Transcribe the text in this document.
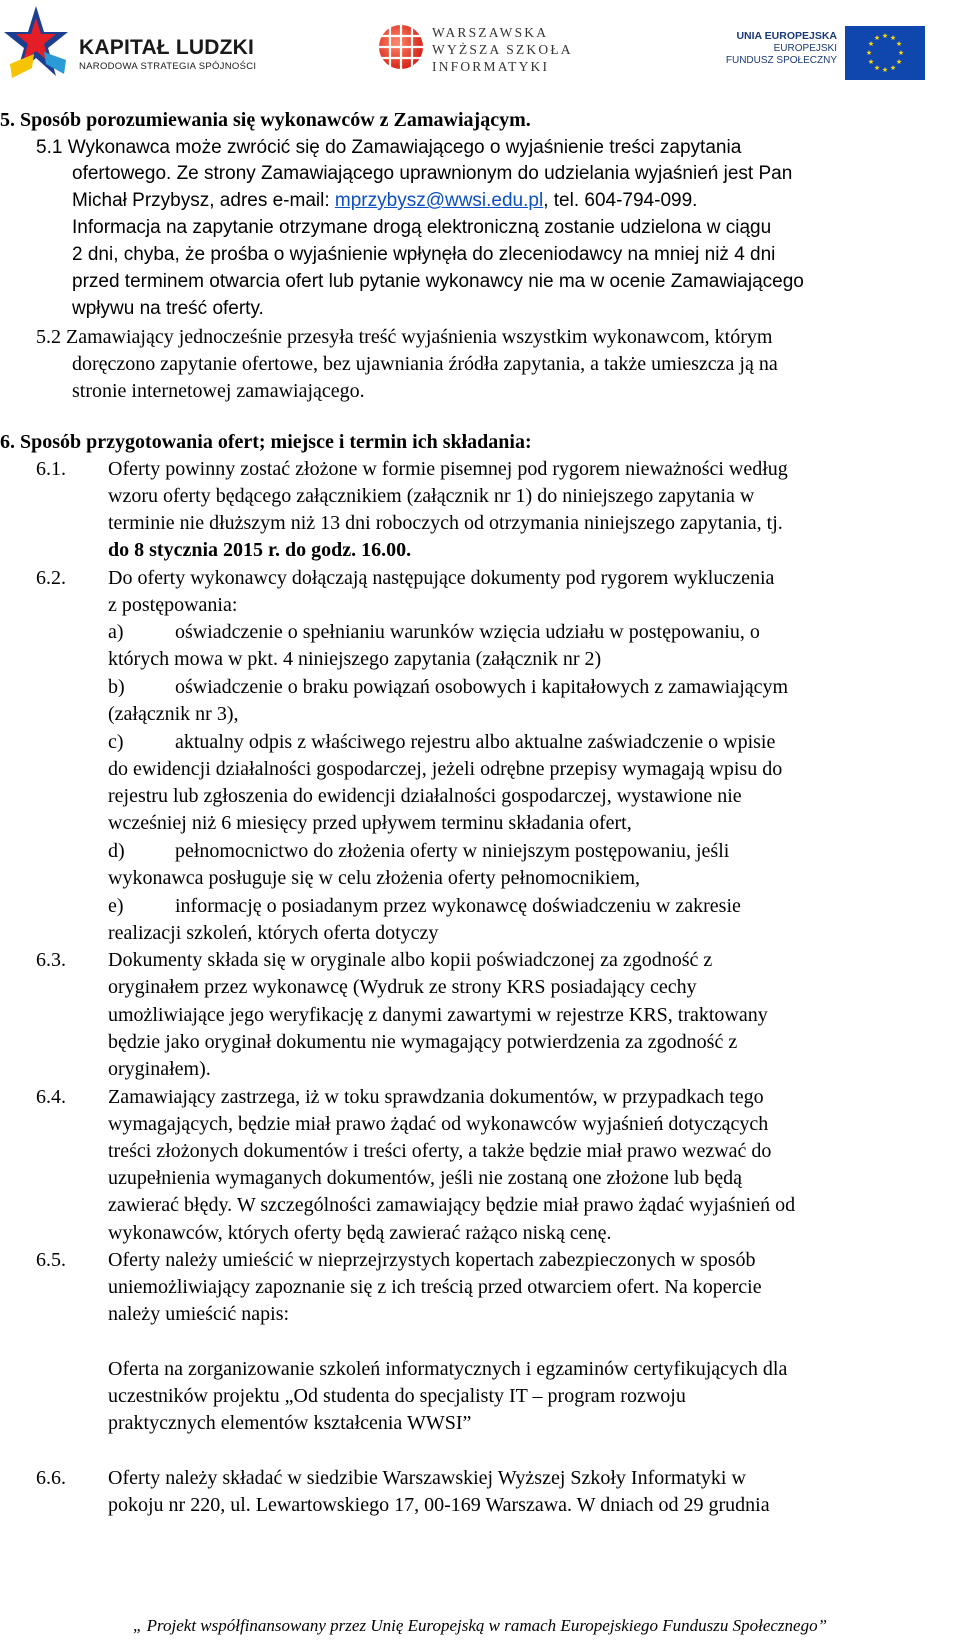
KAPITAŁ LUDZKI
NARODOWA STRATEGIA SPÓJNOŚCI
WARSZAWSKA
WYŻSZA SZKOŁA
INFORMATYKI
UNIA EUROPEJSKA
EUROPEJSKI
FUNDUSZ SPOŁECZNY
★ ★
★
★
★
★
★
★
★
★
★
★
5. Sposób porozumiewania się wykonawców z Zamawiającym.
5.1 Wykonawca może zwrócić się do Zamawiającego o wyjaśnienie treści zapytania
ofertowego. Ze strony Zamawiającego uprawnionym do udzielania wyjaśnień jest Pan
Michał Przybysz, adres e-mail: mprzybysz@wwsi.edu.pl, tel. 604-794-099.
Informacja na zapytanie otrzymane drogą elektroniczną zostanie udzielona w ciągu
2 dni, chyba, że prośba o wyjaśnienie wpłynęła do zleceniodawcy na mniej niż 4 dni
przed terminem otwarcia ofert lub pytanie wykonawcy nie ma w ocenie Zamawiającego
wpływu na treść oferty.
5.2 Zamawiający jednocześnie przesyła treść wyjaśnienia wszystkim wykonawcom, którym
doręczono zapytanie ofertowe, bez ujawniania źródła zapytania, a także umieszcza ją na
stronie internetowej zamawiającego.
6. Sposób przygotowania ofert; miejsce i termin ich składania:
6.1. Oferty powinny zostać złożone w formie pisemnej pod rygorem nieważności według
wzoru oferty będącego załącznikiem (załącznik nr 1) do niniejszego zapytania w
terminie nie dłuższym niż 13 dni roboczych od otrzymania niniejszego zapytania, tj.
do 8 stycznia 2015 r. do godz. 16.00.
6.2. Do oferty wykonawcy dołączają następujące dokumenty pod rygorem wykluczenia
z postępowania:
a)	oświadczenie o spełnianiu warunków wzięcia udziału w postępowaniu, o
których mowa w pkt. 4 niniejszego zapytania (załącznik nr 2)
b)	oświadczenie o braku powiązań osobowych i kapitałowych z zamawiającym
(załącznik nr 3),
c)	aktualny odpis z właściwego rejestru albo aktualne zaświadczenie o wpisie
do ewidencji działalności gospodarczej, jeżeli odrębne przepisy wymagają wpisu do
rejestru lub zgłoszenia do ewidencji działalności gospodarczej, wystawione nie
wcześniej niż 6 miesięcy przed upływem terminu składania ofert,
d)	pełnomocnictwo do złożenia oferty w niniejszym postępowaniu, jeśli
wykonawca posługuje się w celu złożenia oferty pełnomocnikiem,
e)	informację o posiadanym przez wykonawcę doświadczeniu w zakresie
realizacji szkoleń, których oferta dotyczy
6.3. Dokumenty składa się w oryginale albo kopii poświadczonej za zgodność z
oryginałem przez wykonawcę (Wydruk ze strony KRS posiadający cechy
umożliwiające jego weryfikację z danymi zawartymi w rejestrze KRS, traktowany
będzie jako oryginał dokumentu nie wymagający potwierdzenia za zgodność z
oryginałem).
6.4. Zamawiający zastrzega, iż w toku sprawdzania dokumentów, w przypadkach tego
wymagających, będzie miał prawo żądać od wykonawców wyjaśnień dotyczących
treści złożonych dokumentów i treści oferty, a także będzie miał prawo wezwać do
uzupełnienia wymaganych dokumentów, jeśli nie zostaną one złożone lub będą
zawierać błędy. W szczególności zamawiający będzie miał prawo żądać wyjaśnień od
wykonawców, których oferty będą zawierać rażąco niską cenę.
6.5. Oferty należy umieścić w nieprzejrzystych kopertach zabezpieczonych w sposób
uniemożliwiający zapoznanie się z ich treścią przed otwarciem ofert. Na kopercie
należy umieścić napis:
Oferta na zorganizowanie szkoleń informatycznych i egzaminów certyfikujących dla
uczestników projektu „Od studenta do specjalisty IT – program rozwoju
praktycznych elementów kształcenia WWSI”
6.6. Oferty należy składać w siedzibie Warszawskiej Wyższej Szkoły Informatyki w
pokoju nr 220, ul. Lewartowskiego 17, 00-169 Warszawa. W dniach od 29 grudnia
„ Projekt współfinansowany przez Unię Europejską w ramach Europejskiego Funduszu Społecznego”
